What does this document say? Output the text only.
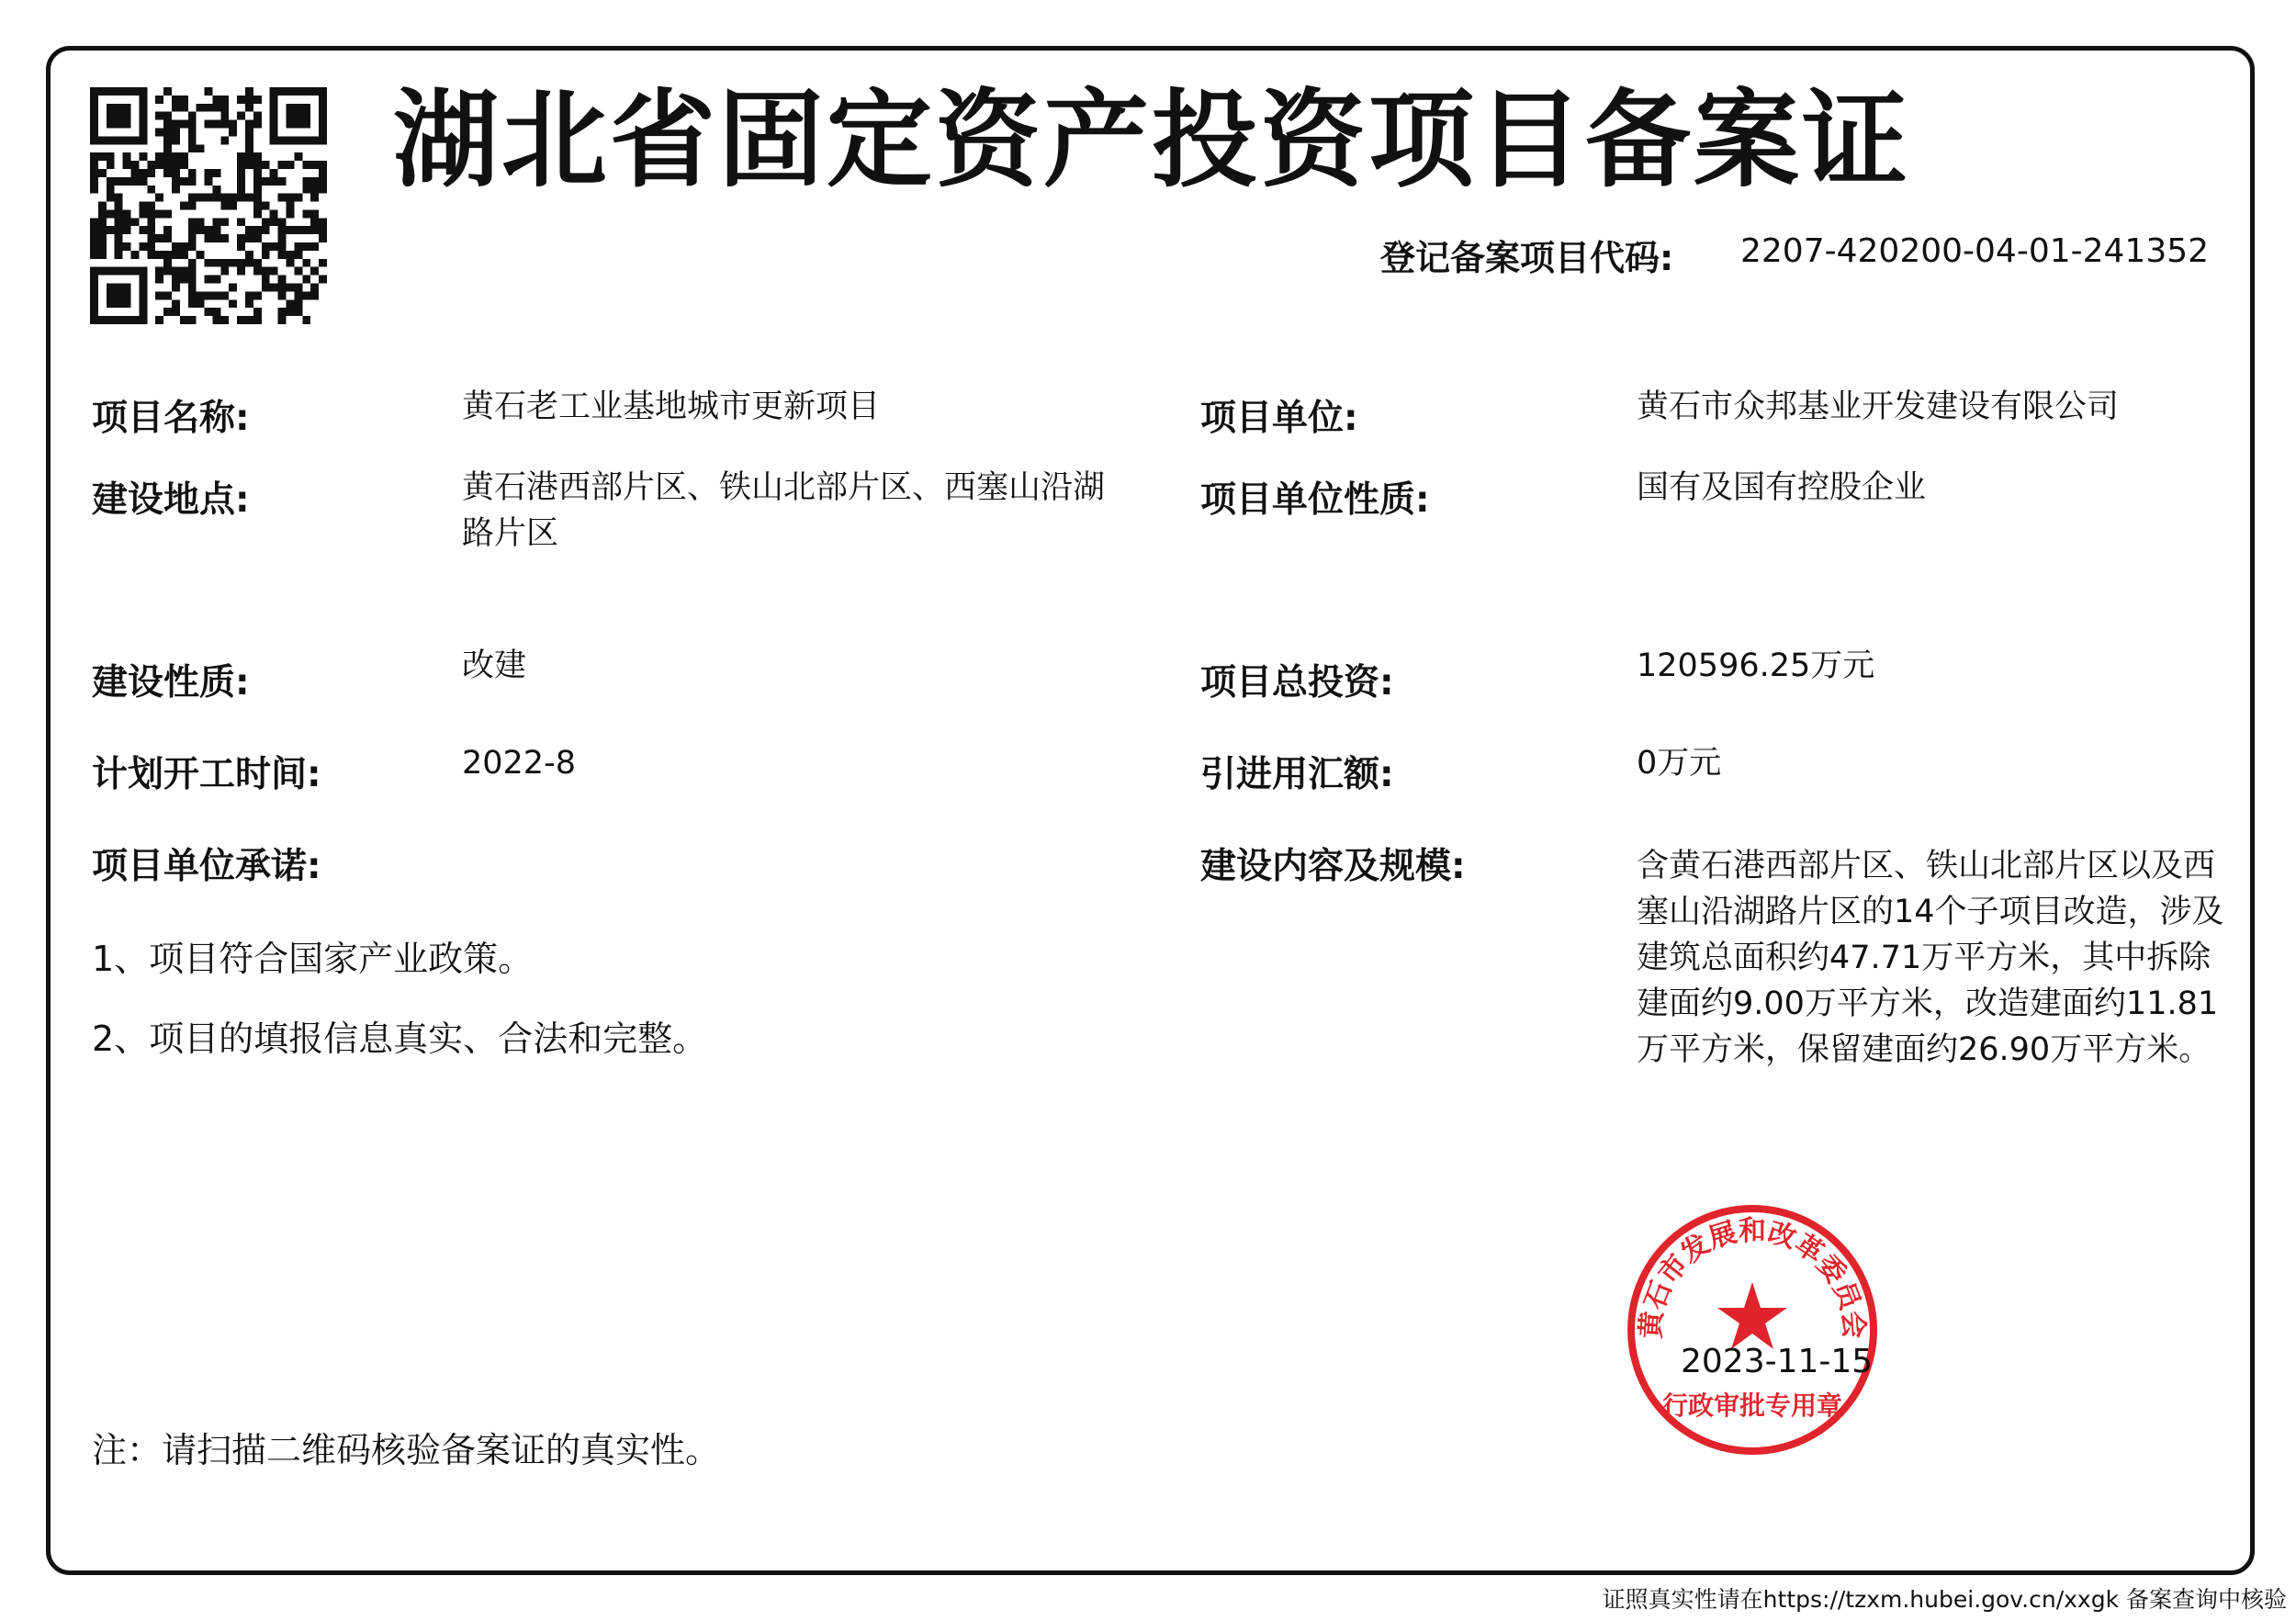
湖北省固定资产投资项目备案证
登记备案项目代码: 2207-420200-04-01-241352
项目名称:	黄石老工业基地城市更新项目
建设地点:	黄石港西部片区、铁山北部片区、西塞山沿湖路片区
建设性质:	改建
计划开工时间:	2022-8
项目单位承诺:
1、项目符合国家产业政策。
2、项目的填报信息真实、合法和完整。
项目单位:	黄石市众邦基业开发建设有限公司
项目单位性质:	国有及国有控股企业
项目总投资:	120596.25万元
引进用汇额:	0万元
建设内容及规模:	含黄石港西部片区、铁山北部片区以及西塞山沿湖路片区的14个子项目改造，涉及建筑总面积约47.71万平方米，其中拆除建面约9.00万平方米，改造建面约11.81万平方米，保留建面约26.90万平方米。
注：请扫描二维码核验备案证的真实性。
黄石市发展和改革委员会
行政审批专用章
2023-11-15
证照真实性请在https://tzxm.hubei.gov.cn/xxgk 备案查询中核验
